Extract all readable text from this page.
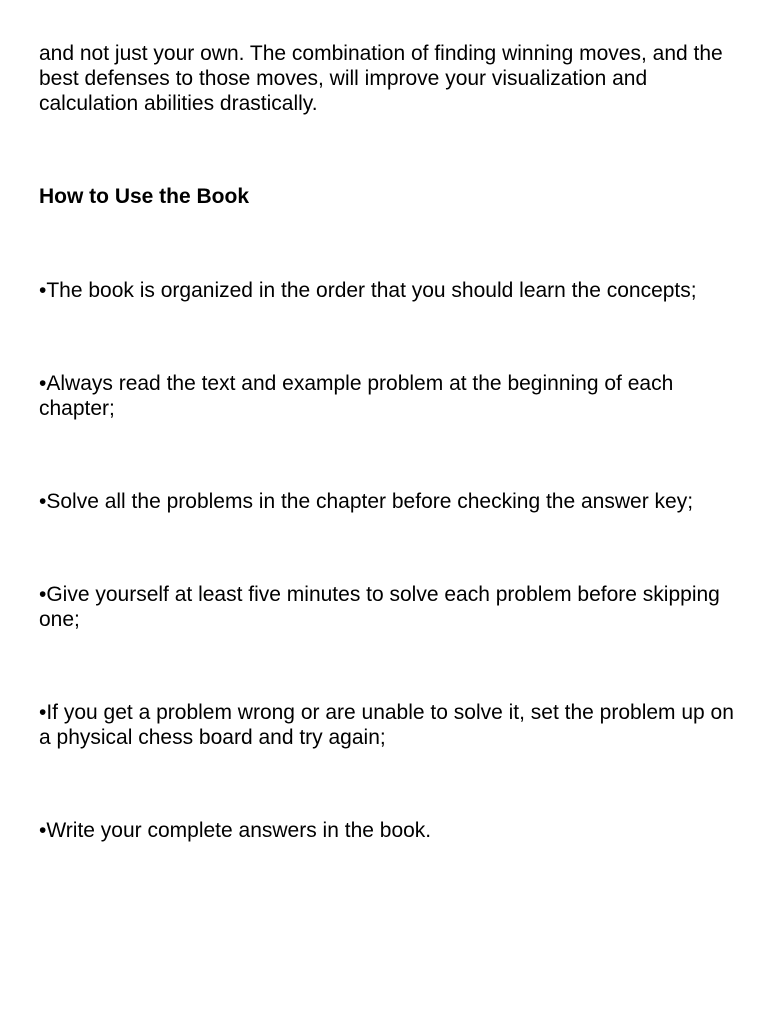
and not just your own. The combination of finding winning moves, and the best defenses to those moves, will improve your visualization and calculation abilities drastically.

How to Use the Book
•The book is organized in the order that you should learn the concepts;
•Always read the text and example problem at the beginning of each chapter;
•Solve all the problems in the chapter before checking the answer key;
•Give yourself at least five minutes to solve each problem before skipping one;
•If you get a problem wrong or are unable to solve it, set the problem up on a physical chess board and try again;
•Write your complete answers in the book.
